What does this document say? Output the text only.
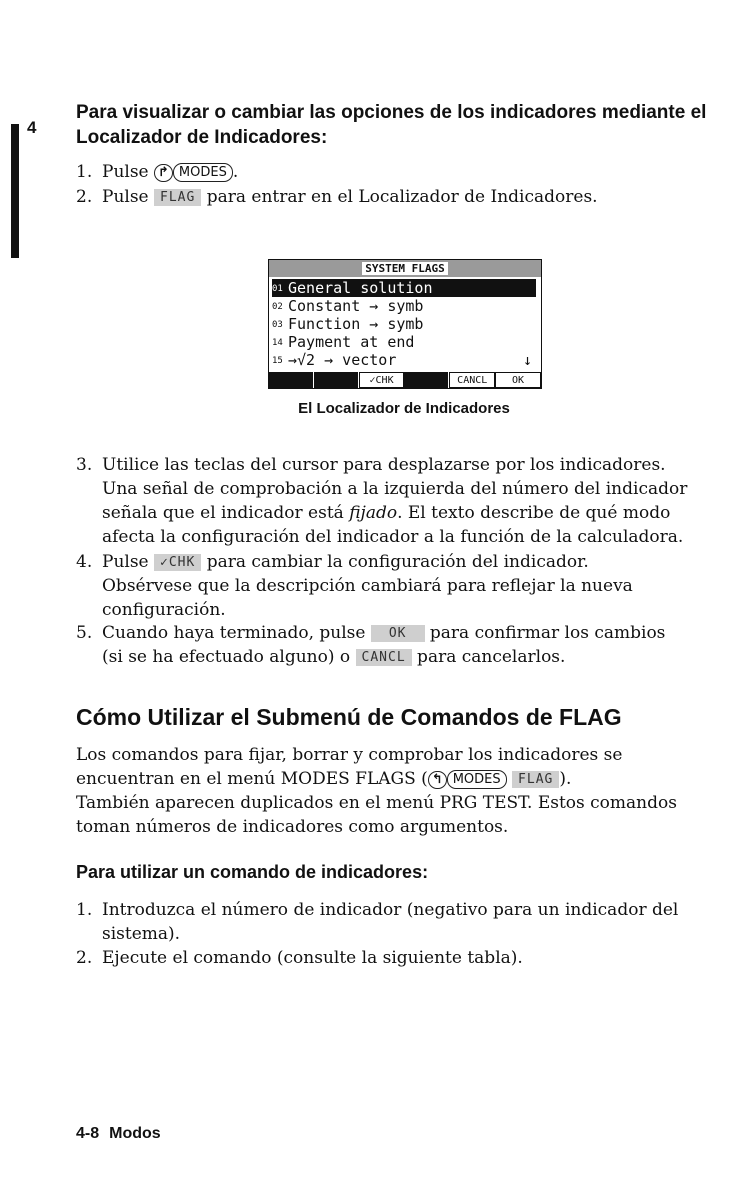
4
Para visualizar o cambiar las opciones de los indicadores mediante el Localizador de Indicadores:
1. Pulse ↱ MODES .
2. Pulse FLAG para entrar en el Localizador de Indicadores.
SYSTEM FLAGS
01 General solution
02 Constant → symb
03 Function → symb
14 Payment at end
15 →√2 → vector	↓
✓CHK	CANCL	OK
El Localizador de Indicadores
3. Utilice las teclas del cursor para desplazarse por los indicadores.
Una señal de comprobación a la izquierda del número del indicador
señala que el indicador está fijado. El texto describe de qué modo
afecta la configuración del indicador a la función de la calculadora.
4. Pulse ✓CHK para cambiar la configuración del indicador.
Obsérvese que la descripción cambiará para reflejar la nueva
configuración.
5. Cuando haya terminado, pulse OK para confirmar los cambios
(si se ha efectuado alguno) o CANCL para cancelarlos.
Cómo Utilizar el Submenú de Comandos de FLAG
Los comandos para fijar, borrar y comprobar los indicadores se
encuentran en el menú MODES FLAGS ( ↰ MODES FLAG ).
También aparecen duplicados en el menú PRG TEST. Estos comandos
toman números de indicadores como argumentos.
Para utilizar un comando de indicadores:
1. Introduzca el número de indicador (negativo para un indicador del
sistema).
2. Ejecute el comando (consulte la siguiente tabla).
4-8 Modos
